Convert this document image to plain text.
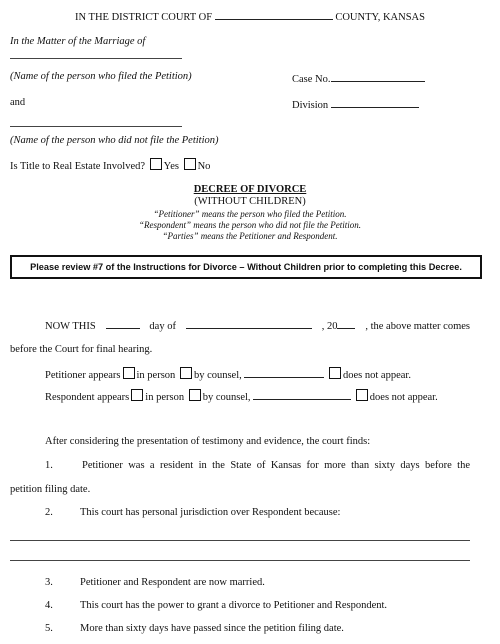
IN THE DISTRICT COURT OF	COUNTY, KANSAS
In the Matter of the Marriage of
(Name of the person who filed the Petition)	Case No.
and	Division
(Name of the person who did not file the Petition)
Is Title to Real Estate Involved? Yes No
DECREE OF DIVORCE
(WITHOUT CHILDREN)
“Petitioner” means the person who filed the Petition.
“Respondent” means the person who did not file the Petition.
“Parties” means the Petitioner and Respondent.
Please review #7 of the Instructions for Divorce – Without Children prior to completing this Decree.
NOW THIS	day of	, 20	, the above matter comes
before the Court for final hearing.
Petitioner appears in person by counsel,	does not appear.
Respondent appears in person by counsel,	does not appear.
After considering the presentation of testimony and evidence, the court finds:
1.	Petitioner was a resident in the State of Kansas for more than sixty days before the
petition filing date.
2.	This court has personal jurisdiction over Respondent because:
3.	Petitioner and Respondent are now married.
4.	This court has the power to grant a divorce to Petitioner and Respondent.
5.	More than sixty days have passed since the petition filing date.
